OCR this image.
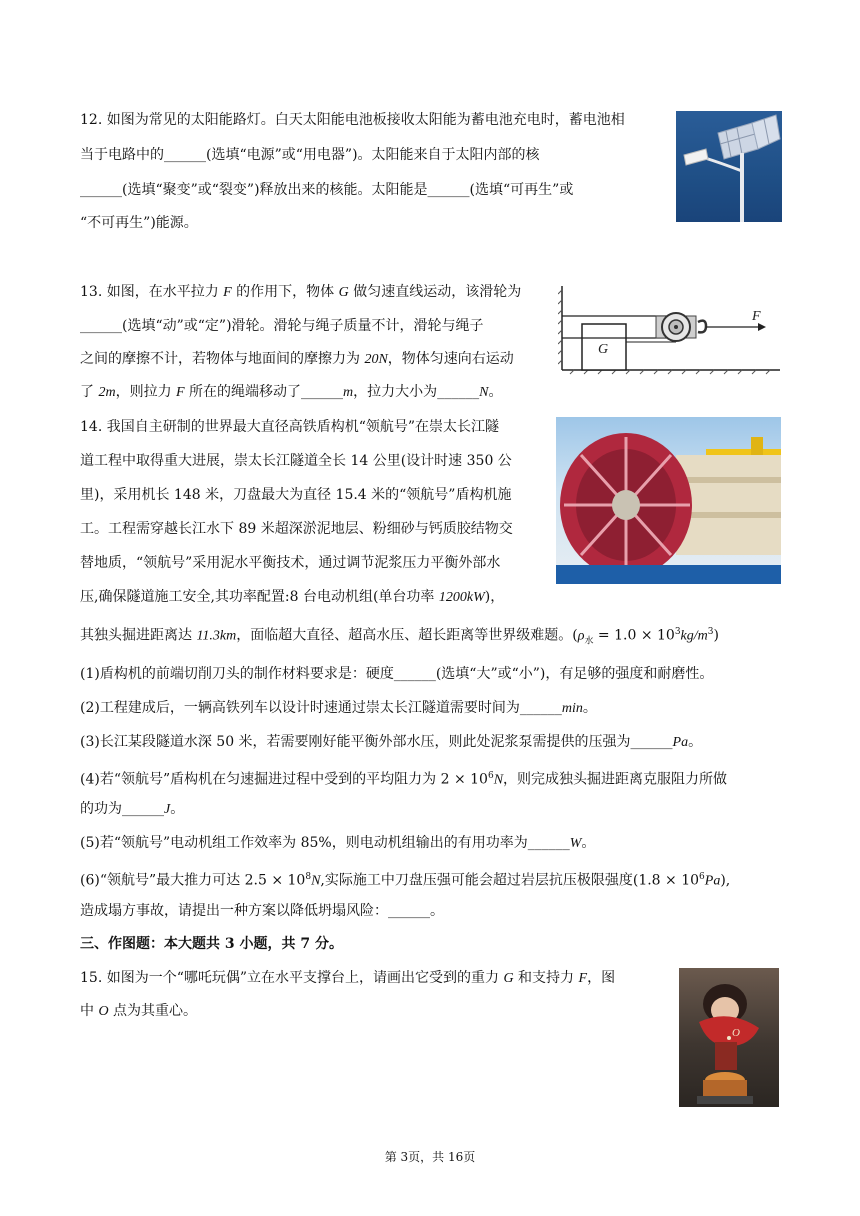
12. 如图为常见的太阳能路灯。白天太阳能电池板接收太阳能为蓄电池充电时，蓄电池相
当于电路中的______(选填“电源”或“用电器”)。太阳能来自于太阳内部的核
______(选填“聚变”或“裂变”)释放出来的核能。太阳能是______(选填“可再生”或
“不可再生”)能源。
13. 如图，在水平拉力 F 的作用下，物体 G 做匀速直线运动，该滑轮为
______(选填“动”或“定”)滑轮。滑轮与绳子质量不计，滑轮与绳子
之间的摩擦不计，若物体与地面间的摩擦力为 20N，物体匀速向右运动
了 2m，则拉力 F 所在的绳端移动了______m，拉力大小为______N。
G
F
14. 我国自主研制的世界最大直径高铁盾构机“领航号”在崇太长江隧
道工程中取得重大进展，崇太长江隧道全长 14 公里(设计时速 350 公
里)，采用机长 148 米，刀盘最大为直径 15.4 米的“领航号”盾构机施
工。工程需穿越长江水下 89 米超深淤泥地层、粉细砂与钙质胶结物交
替地质，“领航号”采用泥水平衡技术，通过调节泥浆压力平衡外部水
压,确保隧道施工安全,其功率配置:8 台电动机组(单台功率 1200kW)，
其独头掘进距离达 11.3km，面临超大直径、超高水压、超长距离等世界级难题。$(\rho_水 = 1.0 \times 10^3kg/m^3)$
(1)盾构机的前端切削刀头的制作材料要求是：硬度______(选填“大”或“小”)，有足够的强度和耐磨性。
(2)工程建成后，一辆高铁列车以设计时速通过崇太长江隧道需要时间为______min。
(3)长江某段隧道水深 50 米，若需要刚好能平衡外部水压，则此处泥浆泵需提供的压强为______Pa。
(4)若“领航号”盾构机在匀速掘进过程中受到的平均阻力为 $2 \times 10^6N$，则完成独头掘进距离克服阻力所做
的功为______J。
(5)若“领航号”电动机组工作效率为 85%，则电动机组输出的有用功率为______W。
(6)“领航号”最大推力可达 $2.5 \times 10^8N$,实际施工中刀盘压强可能会超过岩层抗压极限强度$(1.8 \times 10^6Pa)$,
造成塌方事故，请提出一种方案以降低坍塌风险：______。
三、作图题：本大题共 3 小题，共 7 分。
15. 如图为一个“哪吒玩偶”立在水平支撑台上，请画出它受到的重力 G 和支持力 F，图
中 O 点为其重心。
O
第 3页，共 16页
